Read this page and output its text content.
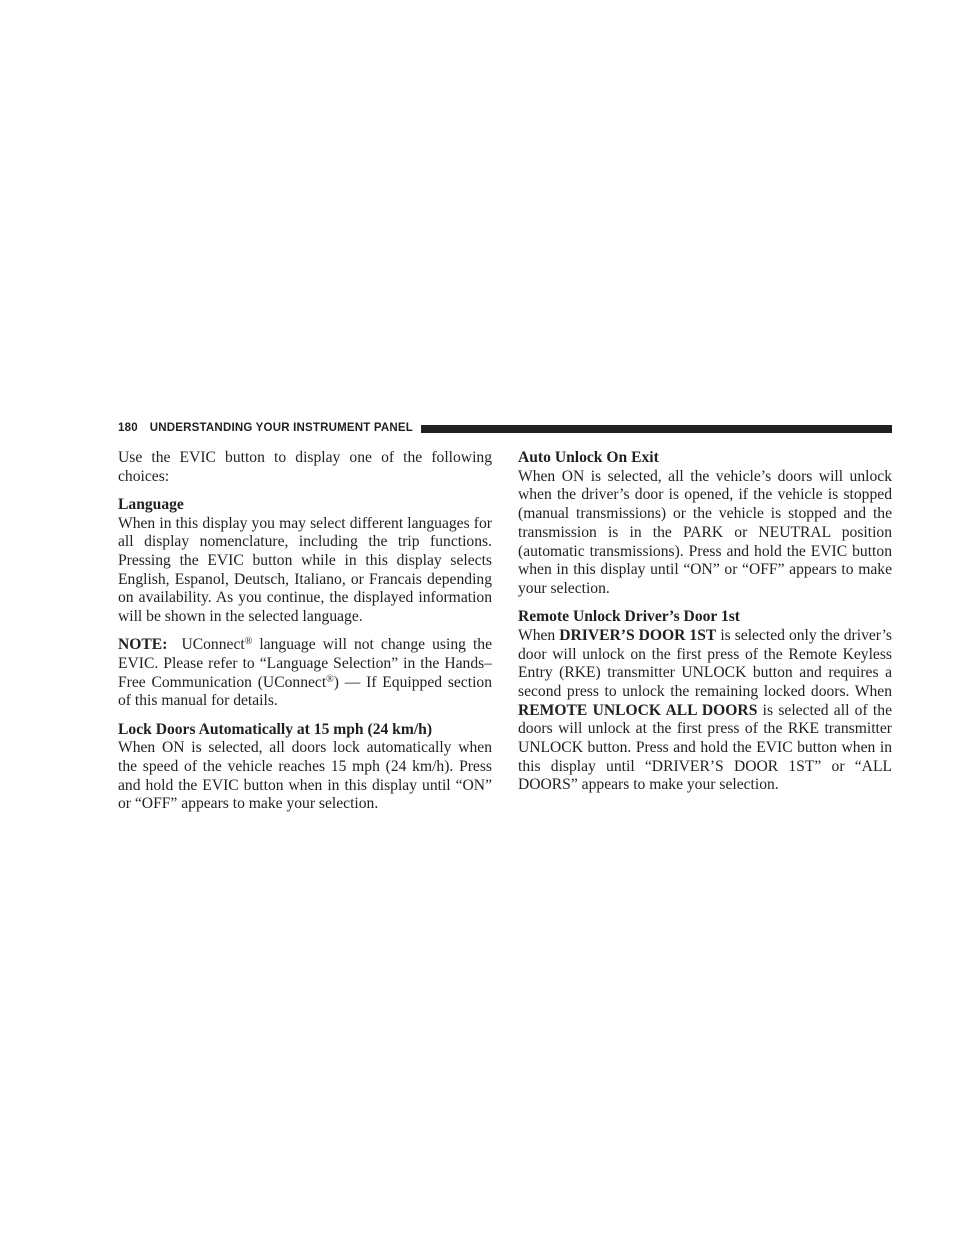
180 UNDERSTANDING YOUR INSTRUMENT PANEL

Use the EVIC button to display one of the following choices:

Language

When in this display you may select different languages for all display nomenclature, including the trip functions. Pressing the EVIC button while in this display selects English, Espanol, Deutsch, Italiano, or Francais depending on availability. As you continue, the displayed information will be shown in the selected language.

NOTE: UConnect® language will not change using the EVIC. Please refer to “Language Selection” in the Hands–Free Communication (UConnect®) — If Equipped section of this manual for details.

Lock Doors Automatically at 15 mph (24 km/h)

When ON is selected, all doors lock automatically when the speed of the vehicle reaches 15 mph (24 km/h). Press and hold the EVIC button when in this display until “ON” or “OFF” appears to make your selection.

Auto Unlock On Exit

When ON is selected, all the vehicle’s doors will unlock when the driver’s door is opened, if the vehicle is stopped (manual transmissions) or the vehicle is stopped and the transmission is in the PARK or NEUTRAL position (automatic transmissions). Press and hold the EVIC button when in this display until “ON” or “OFF” appears to make your selection.

Remote Unlock Driver’s Door 1st

When DRIVER’S DOOR 1ST is selected only the driver’s door will unlock on the first press of the Remote Keyless Entry (RKE) transmitter UNLOCK button and requires a second press to unlock the remaining locked doors. When REMOTE UNLOCK ALL DOORS is selected all of the doors will unlock at the first press of the RKE transmitter UNLOCK button. Press and hold the EVIC button when in this display until “DRIVER’S DOOR 1ST” or “ALL DOORS” appears to make your selection.
